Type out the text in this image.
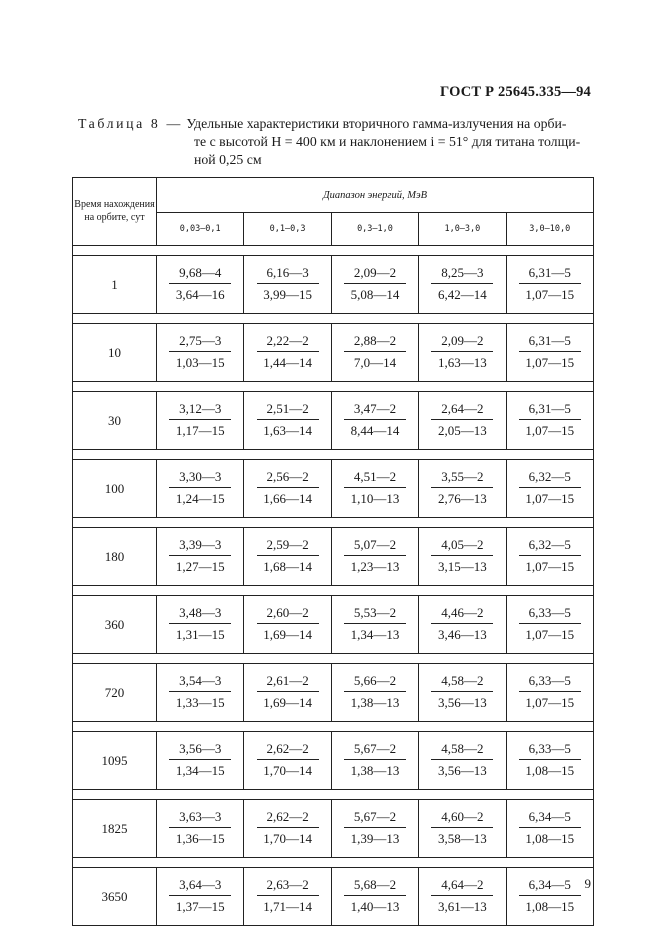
ГОСТ Р 25645.335—94
Таблица 8 — Удельные характеристики вторичного гамма-излучения на орби-
те с высотой H = 400 км и наклонением i = 51° для титана толщи-
ной 0,25 см
Время нахождения на орбите, сут	Диапазон энергий, МэВ				
	0,03—0,1	0,1—0,3	0,3—1,0	1,0—3,0	3,0—10,0

1	$\frac{9,68—4}{3,64—16}$	$\frac{6,16—3}{3,99—15}$	$\frac{2,09—2}{5,08—14}$	$\frac{8,25—3}{6,42—14}$	$\frac{6,31—5}{1,07—15}$

10	$\frac{2,75—3}{1,03—15}$	$\frac{2,22—2}{1,44—14}$	$\frac{2,88—2}{7,0—14}$	$\frac{2,09—2}{1,63—13}$	$\frac{6,31—5}{1,07—15}$

30	$\frac{3,12—3}{1,17—15}$	$\frac{2,51—2}{1,63—14}$	$\frac{3,47—2}{8,44—14}$	$\frac{2,64—2}{2,05—13}$	$\frac{6,31—5}{1,07—15}$

100	$\frac{3,30—3}{1,24—15}$	$\frac{2,56—2}{1,66—14}$	$\frac{4,51—2}{1,10—13}$	$\frac{3,55—2}{2,76—13}$	$\frac{6,32—5}{1,07—15}$

180	$\frac{3,39—3}{1,27—15}$	$\frac{2,59—2}{1,68—14}$	$\frac{5,07—2}{1,23—13}$	$\frac{4,05—2}{3,15—13}$	$\frac{6,32—5}{1,07—15}$

360	$\frac{3,48—3}{1,31—15}$	$\frac{2,60—2}{1,69—14}$	$\frac{5,53—2}{1,34—13}$	$\frac{4,46—2}{3,46—13}$	$\frac{6,33—5}{1,07—15}$

720	$\frac{3,54—3}{1,33—15}$	$\frac{2,61—2}{1,69—14}$	$\frac{5,66—2}{1,38—13}$	$\frac{4,58—2}{3,56—13}$	$\frac{6,33—5}{1,07—15}$

1095	$\frac{3,56—3}{1,34—15}$	$\frac{2,62—2}{1,70—14}$	$\frac{5,67—2}{1,38—13}$	$\frac{4,58—2}{3,56—13}$	$\frac{6,33—5}{1,08—15}$

1825	$\frac{3,63—3}{1,36—15}$	$\frac{2,62—2}{1,70—14}$	$\frac{5,67—2}{1,39—13}$	$\frac{4,60—2}{3,58—13}$	$\frac{6,34—5}{1,08—15}$

3650	$\frac{3,64—3}{1,37—15}$	$\frac{2,63—2}{1,71—14}$	$\frac{5,68—2}{1,40—13}$	$\frac{4,64—2}{3,61—13}$	$\frac{6,34—5}{1,08—15} 9$
